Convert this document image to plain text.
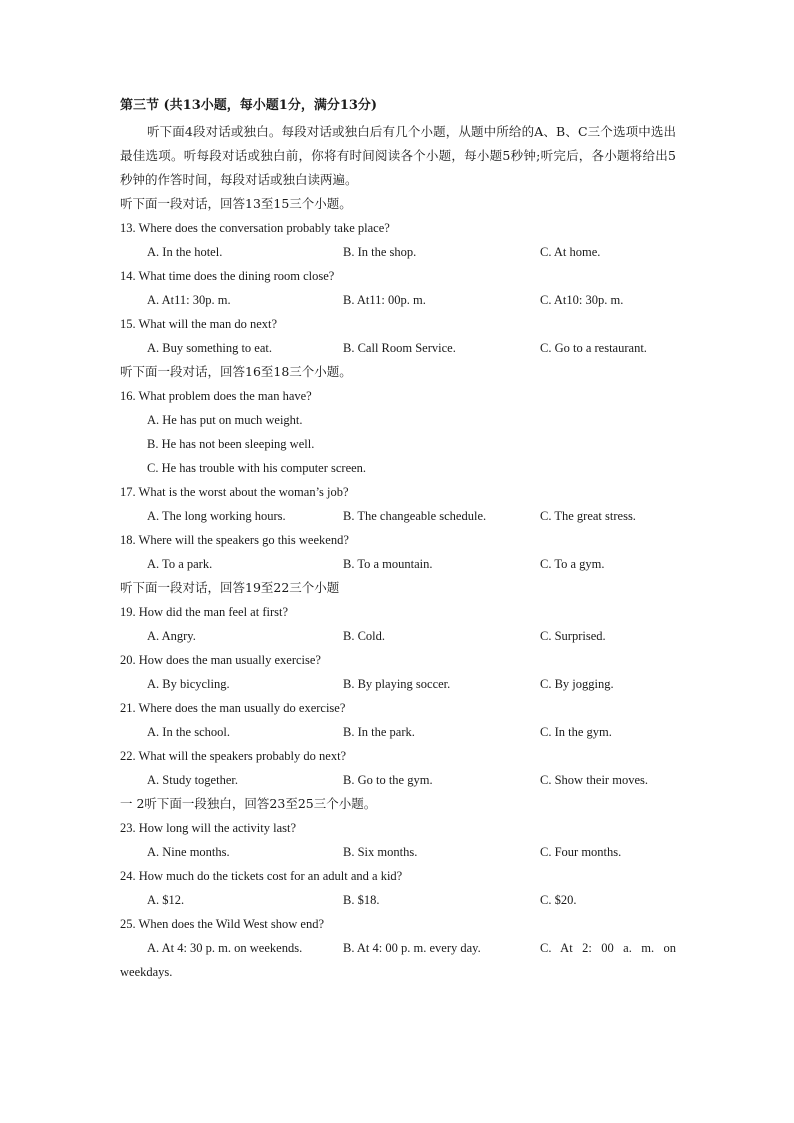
第三节 (共13小题，每小题1分，满分13分)

听下面4段对话或独白。每段对话或独白后有几个小题，从题中所给的A、B、C三个选项中选出最佳选项。听每段对话或独白前，你将有时间阅读各个小题，每小题5秒钟;听完后，各小题将给出5秒钟的作答时间，每段对话或独白读两遍。

听下面一段对话，回答13至15三个小题。

13. Where does the conversation probably take place?

A. In the hotel.	B. In the shop.	C. At home.

14. What time does the dining room close?

A. At11: 30p. m.	B. At11: 00p. m.	C. At10: 30p. m.

15. What will the man do next?

A. Buy something to eat.	B. Call Room Service.	C. Go to a restaurant.

听下面一段对话，回答16至18三个小题。

16. What problem does the man have?

A. He has put on much weight.

B. He has not been sleeping well.

C. He has trouble with his computer screen.

17. What is the worst about the woman’s job?

A. The long working hours.	B. The changeable schedule.	C. The great stress.

18. Where will the speakers go this weekend?

A. To a park.	B. To a mountain.	C. To a gym.

听下面一段对话，回答19至22三个小题

19. How did the man feel at first?

A. Angry.	B. Cold.	C. Surprised.

20. How does the man usually exercise?

A. By bicycling.	B. By playing soccer.	C. By jogging.

21. Where does the man usually do exercise?

A. In the school.	B. In the park.	C. In the gym.

22. What will the speakers probably do next?

A. Study together.	B. Go to the gym.	C. Show their moves.

一 2听下面一段独白，回答23至25三个小题。

23. How long will the activity last?

A. Nine months.	B. Six months.	C. Four months.

24. How much do the tickets cost for an adult and a kid?

A. $12.	B. $18.	C. $20.

25. When does the Wild West show end?

A. At 4: 30 p. m. on weekends.	B. At 4: 00 p. m. every day.	C. At 2: 00 a. m. on

weekdays.
